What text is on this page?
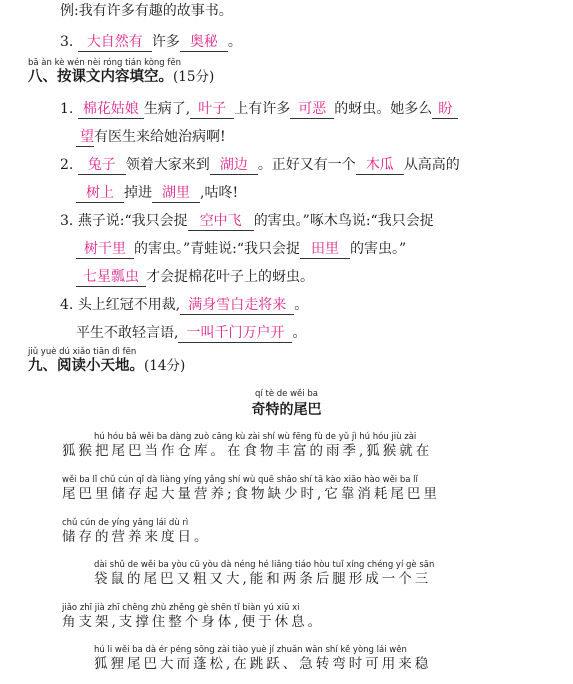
例:我有许多有趣的故事书。
3. 大自然有 许多 奥秘 。
bā àn kè wén nèi róng tián kòng fēn
八、按课文内容填空。(15分)
1. 棉花姑娘 生病了, 叶子 上有许多 可恶 的蚜虫。她多么 盼
望有医生来给她治病啊!
2. 兔子 领着大家来到 湖边 。正好又有一个 木瓜 从高高的
树上 掉进 湖里 ,咕咚!
3. 燕子说:“我只会捉 空中飞 的害虫。”啄木鸟说:“我只会捉
树干里 的害虫。”青蛙说:“我只会捉 田里 的害虫。”
七星瓢虫 才会捉棉花叶子上的蚜虫。
4. 头上红冠不用裁, 满身雪白走将来 。
平生不敢轻言语, 一叫千门万户开 。
jiǔ yuè dú xiǎo tiān dì fēn
九、阅读小天地。(14分)
qí tè de wěi ba
奇特的尾巴
hú hóu bǎ wěi ba dàng zuò cāng kù zài shí wù fēng fù de yǔ jì hú hóu jiù zài
狐猴把尾巴当作仓库。在食物丰富的雨季,狐猴就在
wěi ba lǐ chǔ cún qǐ dà liàng yíng yǎng shí wù quē shǎo shí tā kào xiāo hào wěi ba lǐ
尾巴里储存起大量营养;食物缺少时,它靠消耗尾巴里
chǔ cún de yíng yǎng lái dù rì
储存的营养来度日。
dài shǔ de wěi ba yòu cū yòu dà néng hé liǎng tiáo hòu tuǐ xíng chéng yí gè sān
袋鼠的尾巴又粗又大,能和两条后腿形成一个三
jiǎo zhī jià zhī chēng zhù zhěng gè shēn tǐ biàn yú xiū xi
角支架,支撑住整个身体,便于休息。
hú li wěi ba dà ér péng sōng zài tiào yuè jí zhuǎn wān shí kě yòng lái wěn
狐狸尾巴大而蓬松,在跳跃、急转弯时可用来稳
